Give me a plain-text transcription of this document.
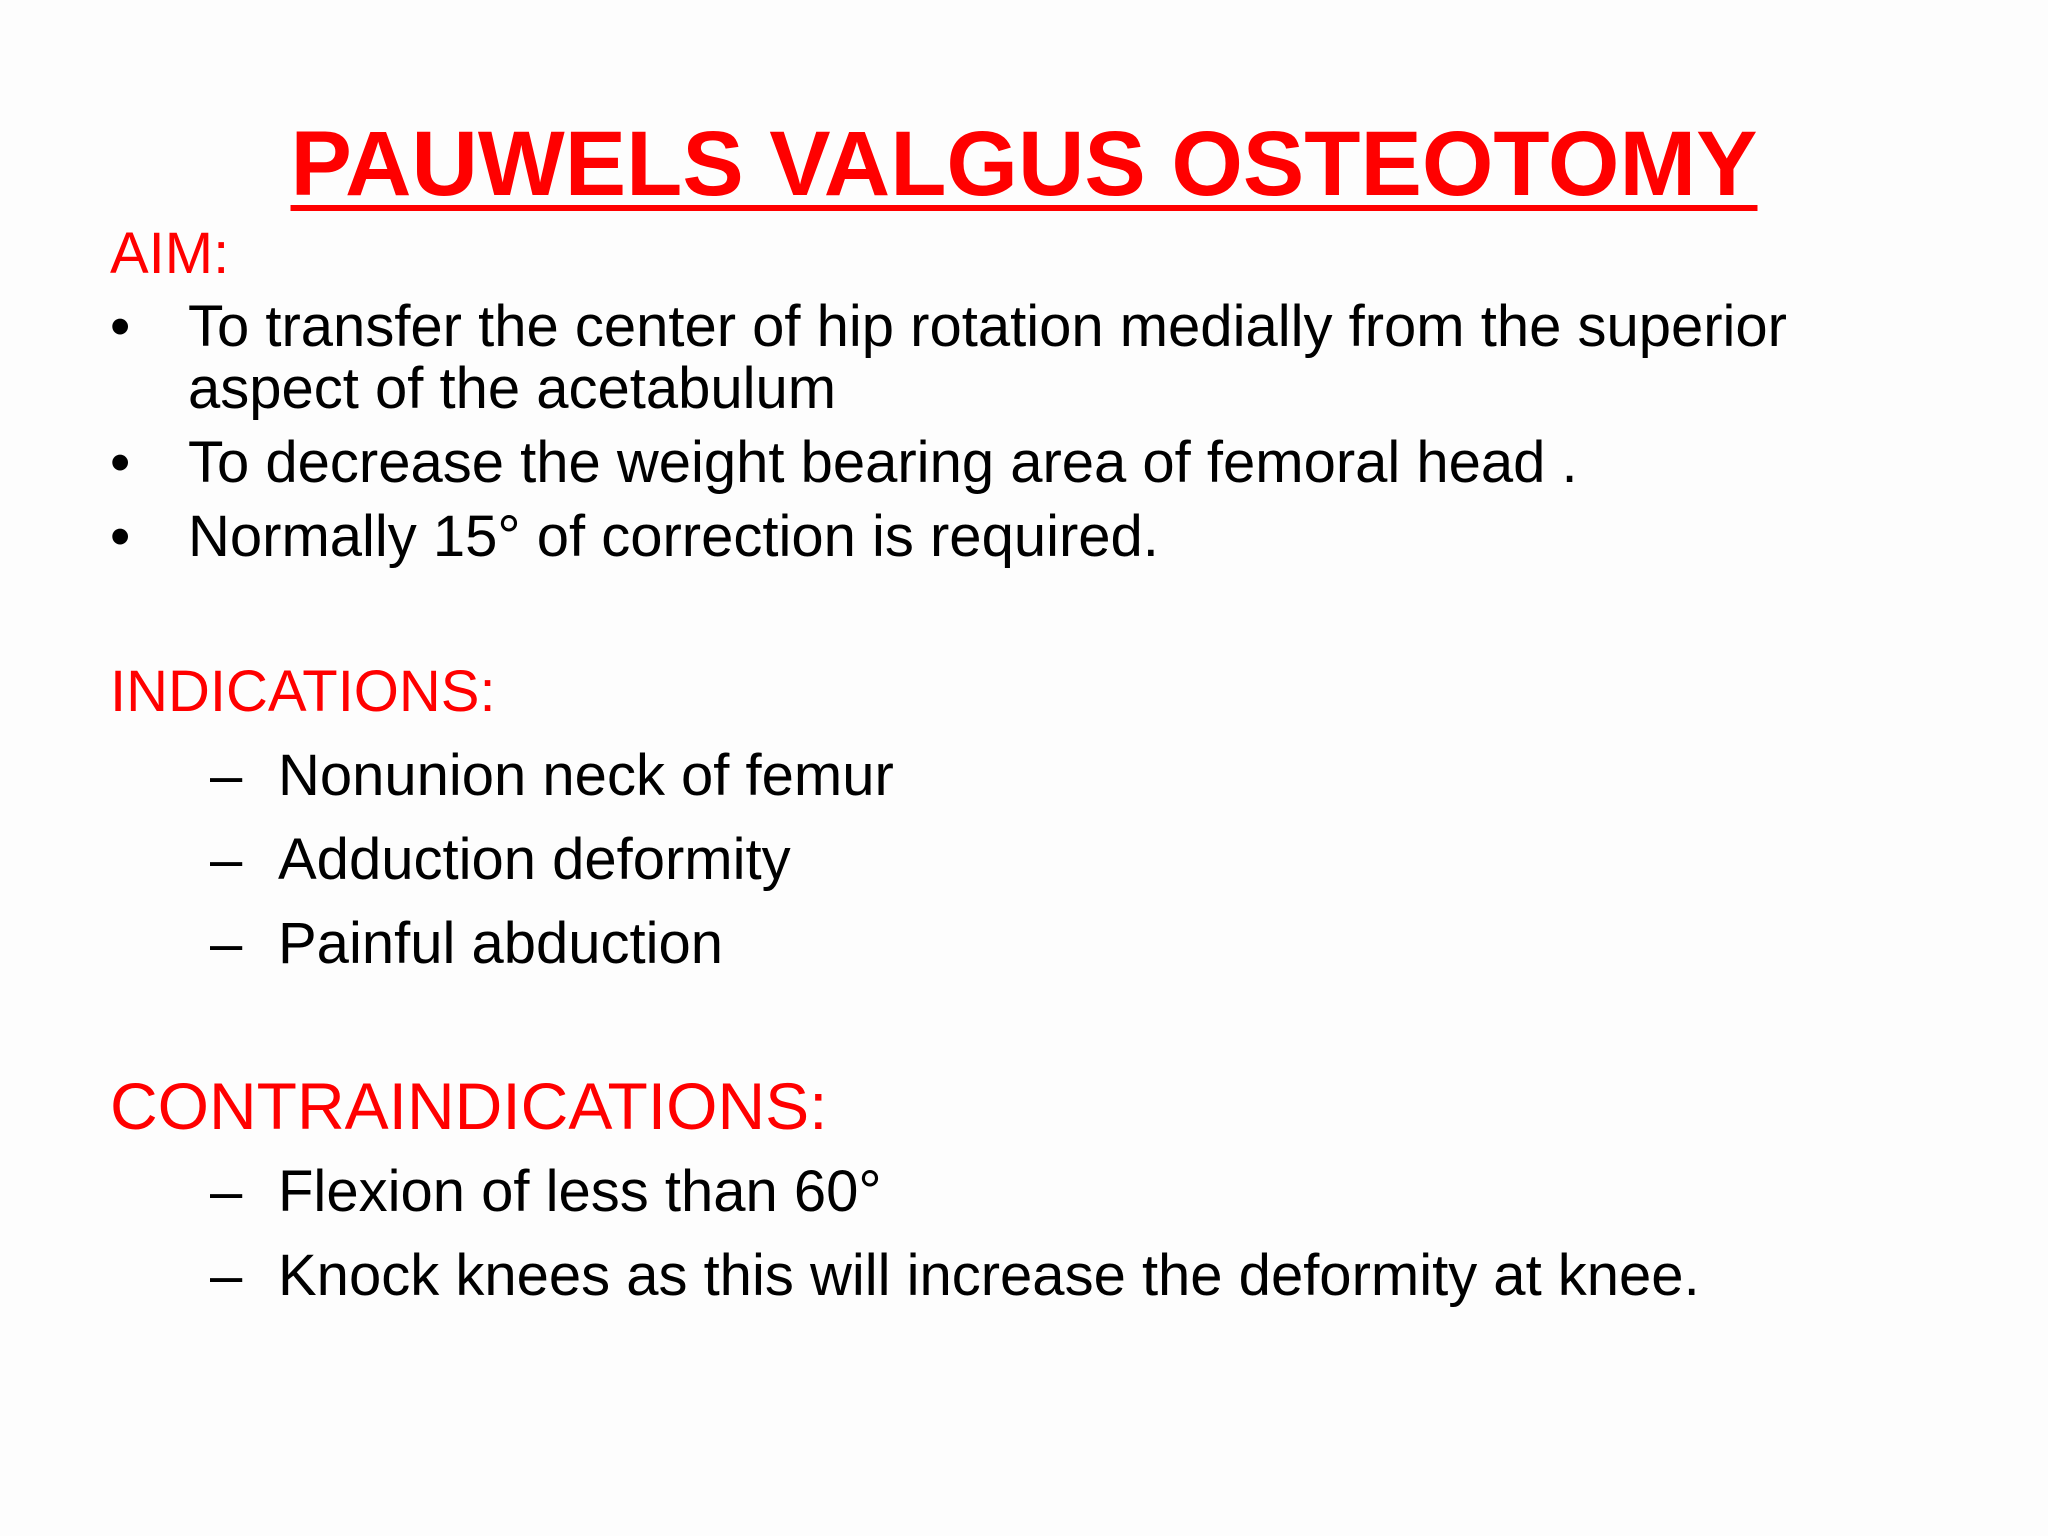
PAUWELS VALGUS OSTEOTOMY
AIM:
• To transfer the center of hip rotation medially from the superior aspect of the acetabulum
• To decrease the weight bearing area of femoral head .
• Normally 15° of correction is required.
INDICATIONS:
– Nonunion neck of femur
– Adduction deformity
– Painful abduction
CONTRAINDICATIONS:
– Flexion of less than 60°
– Knock knees as this will increase the deformity at knee.
